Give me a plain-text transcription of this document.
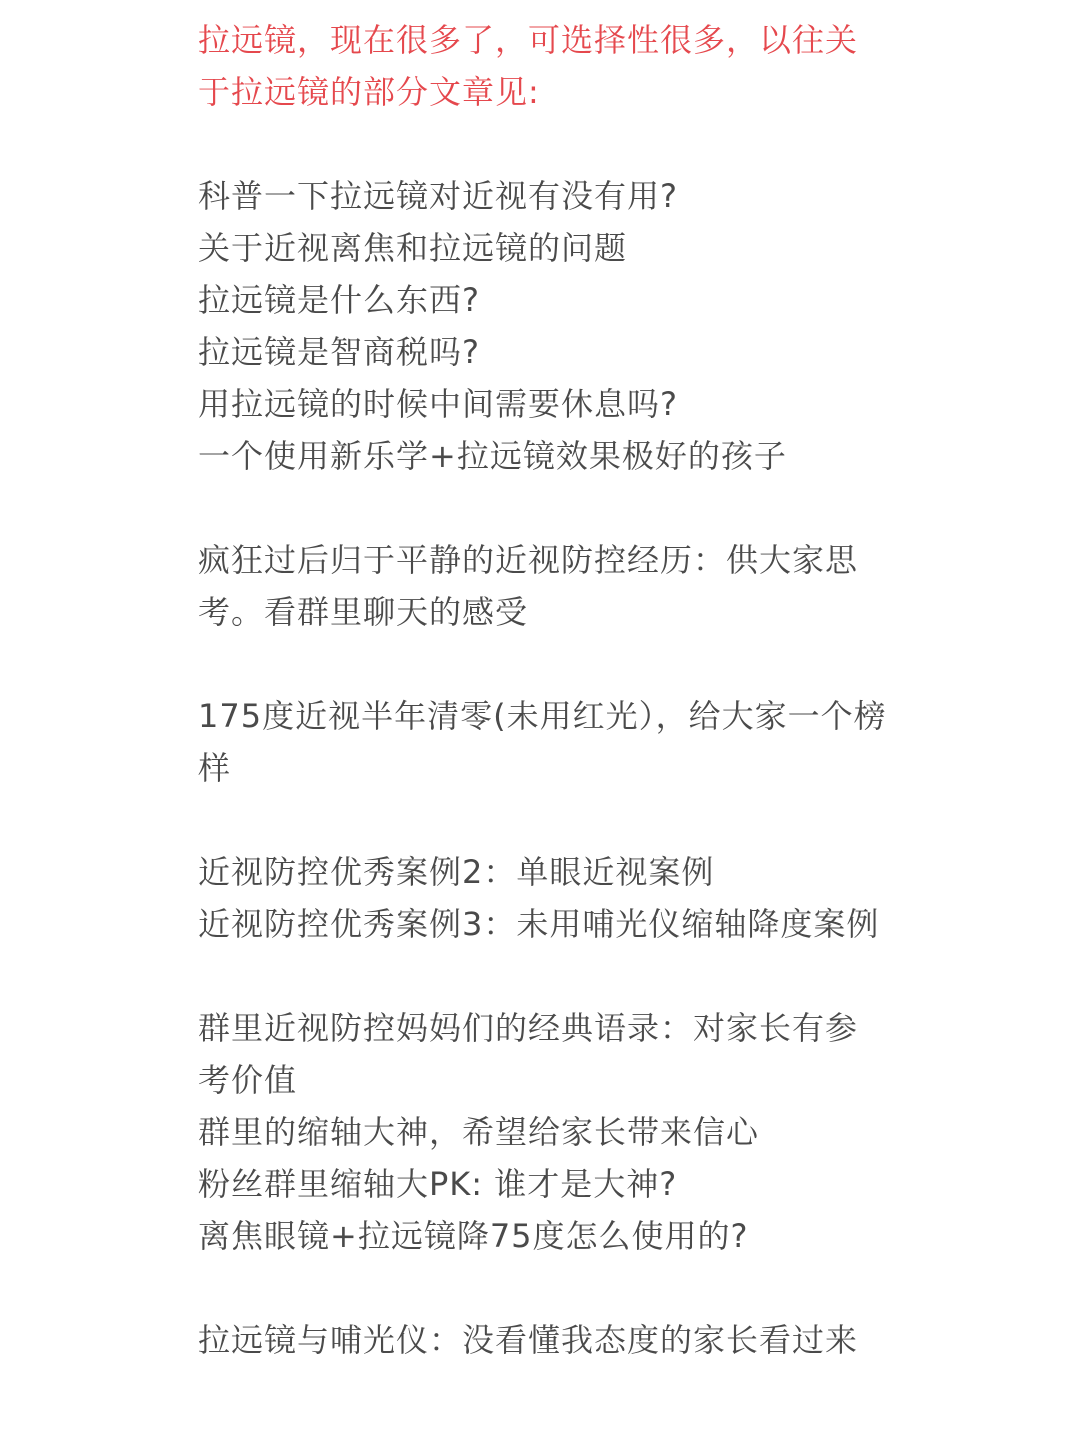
拉远镜，现在很多了，可选择性很多，以往关于拉远镜的部分文章见:

科普一下拉远镜对近视有没有用?

关于近视离焦和拉远镜的问题

拉远镜是什么东西?

拉远镜是智商税吗?

用拉远镜的时候中间需要休息吗?

一个使用新乐学+拉远镜效果极好的孩子

疯狂过后归于平静的近视防控经历：供大家思考。看群里聊天的感受

175度近视半年清零(未用红光），给大家一个榜样

近视防控优秀案例2：单眼近视案例

近视防控优秀案例3：未用哺光仪缩轴降度案例

群里近视防控妈妈们的经典语录：对家长有参考价值

群里的缩轴大神，希望给家长带来信心

粉丝群里缩轴大PK: 谁才是大神?

离焦眼镜+拉远镜降75度怎么使用的?

拉远镜与哺光仪：没看懂我态度的家长看过来
